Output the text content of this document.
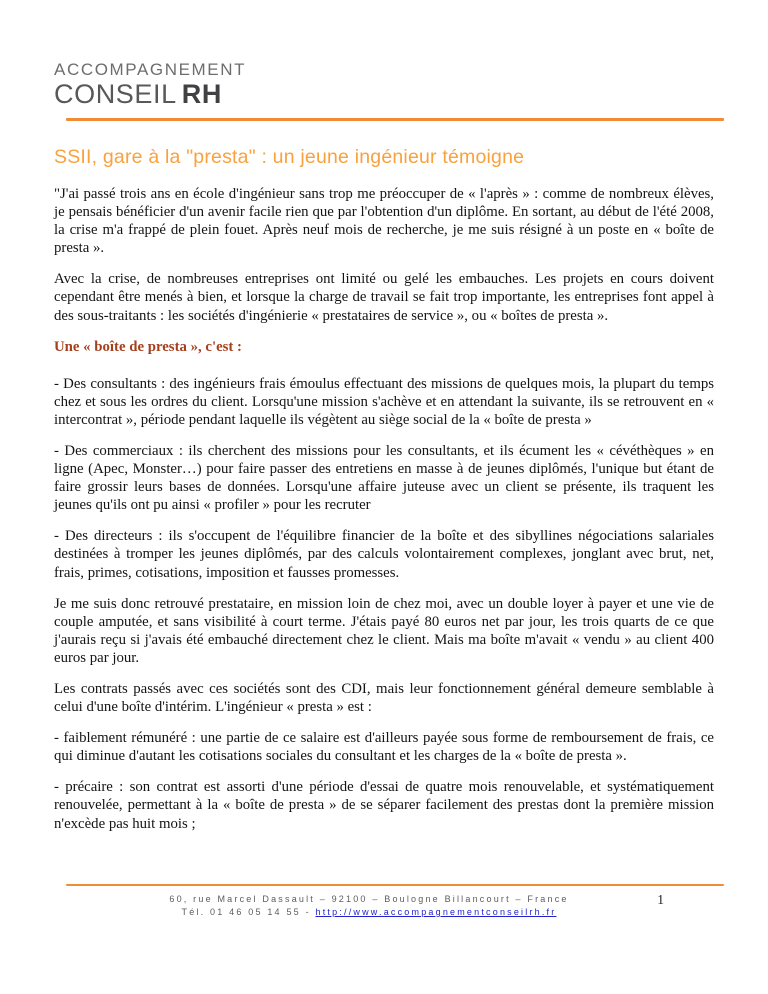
ACCOMPAGNEMENT
CONSEIL RH
SSII, gare à la "presta" : un jeune ingénieur témoigne

"J'ai passé trois ans en école d'ingénieur sans trop me préoccuper de « l'après » : comme de nombreux élèves, je pensais bénéficier d'un avenir facile rien que par l'obtention d'un diplôme. En sortant, au début de l'été 2008, la crise m'a frappé de plein fouet. Après neuf mois de recherche, je me suis résigné à un poste en « boîte de presta ».

Avec la crise, de nombreuses entreprises ont limité ou gelé les embauches. Les projets en cours doivent cependant être menés à bien, et lorsque la charge de travail se fait trop importante, les entreprises font appel à des sous-traitants : les sociétés d'ingénierie « prestataires de service », ou « boîtes de presta ».

Une « boîte de presta », c'est :

- Des consultants : des ingénieurs frais émoulus effectuant des missions de quelques mois, la plupart du temps chez et sous les ordres du client. Lorsqu'une mission s'achève et en attendant la suivante, ils se retrouvent en « intercontrat », période pendant laquelle ils végètent au siège social de la « boîte de presta »

- Des commerciaux : ils cherchent des missions pour les consultants, et ils écument les « cévéthèques » en ligne (Apec, Monster…) pour faire passer des entretiens en masse à de jeunes diplômés, l'unique but étant de faire grossir leurs bases de données. Lorsqu'une affaire juteuse avec un client se présente, ils traquent les jeunes qu'ils ont pu ainsi « profiler » pour les recruter

- Des directeurs : ils s'occupent de l'équilibre financier de la boîte et des sibyllines négociations salariales destinées à tromper les jeunes diplômés, par des calculs volontairement complexes, jonglant avec brut, net, frais, primes, cotisations, imposition et fausses promesses.

Je me suis donc retrouvé prestataire, en mission loin de chez moi, avec un double loyer à payer et une vie de couple amputée, et sans visibilité à court terme. J'étais payé 80 euros net par jour, les trois quarts de ce que j'aurais reçu si j'avais été embauché directement chez le client. Mais ma boîte m'avait « vendu » au client 400 euros par jour.

Les contrats passés avec ces sociétés sont des CDI, mais leur fonctionnement général demeure semblable à celui d'une boîte d'intérim. L'ingénieur « presta » est :

- faiblement rémunéré : une partie de ce salaire est d'ailleurs payée sous forme de remboursement de frais, ce qui diminue d'autant les cotisations sociales du consultant et les charges de la « boîte de presta ».

- précaire : son contrat est assorti d'une période d'essai de quatre mois renouvelable, et systématiquement renouvelée, permettant à la « boîte de presta » de se séparer facilement des prestas dont la première mission n'excède pas huit mois ;

60, rue Marcel Dassault – 92100 – Boulogne Billancourt – France
Tél. 01 46 05 14 55 - http://www.accompagnementconseilrh.fr
1
